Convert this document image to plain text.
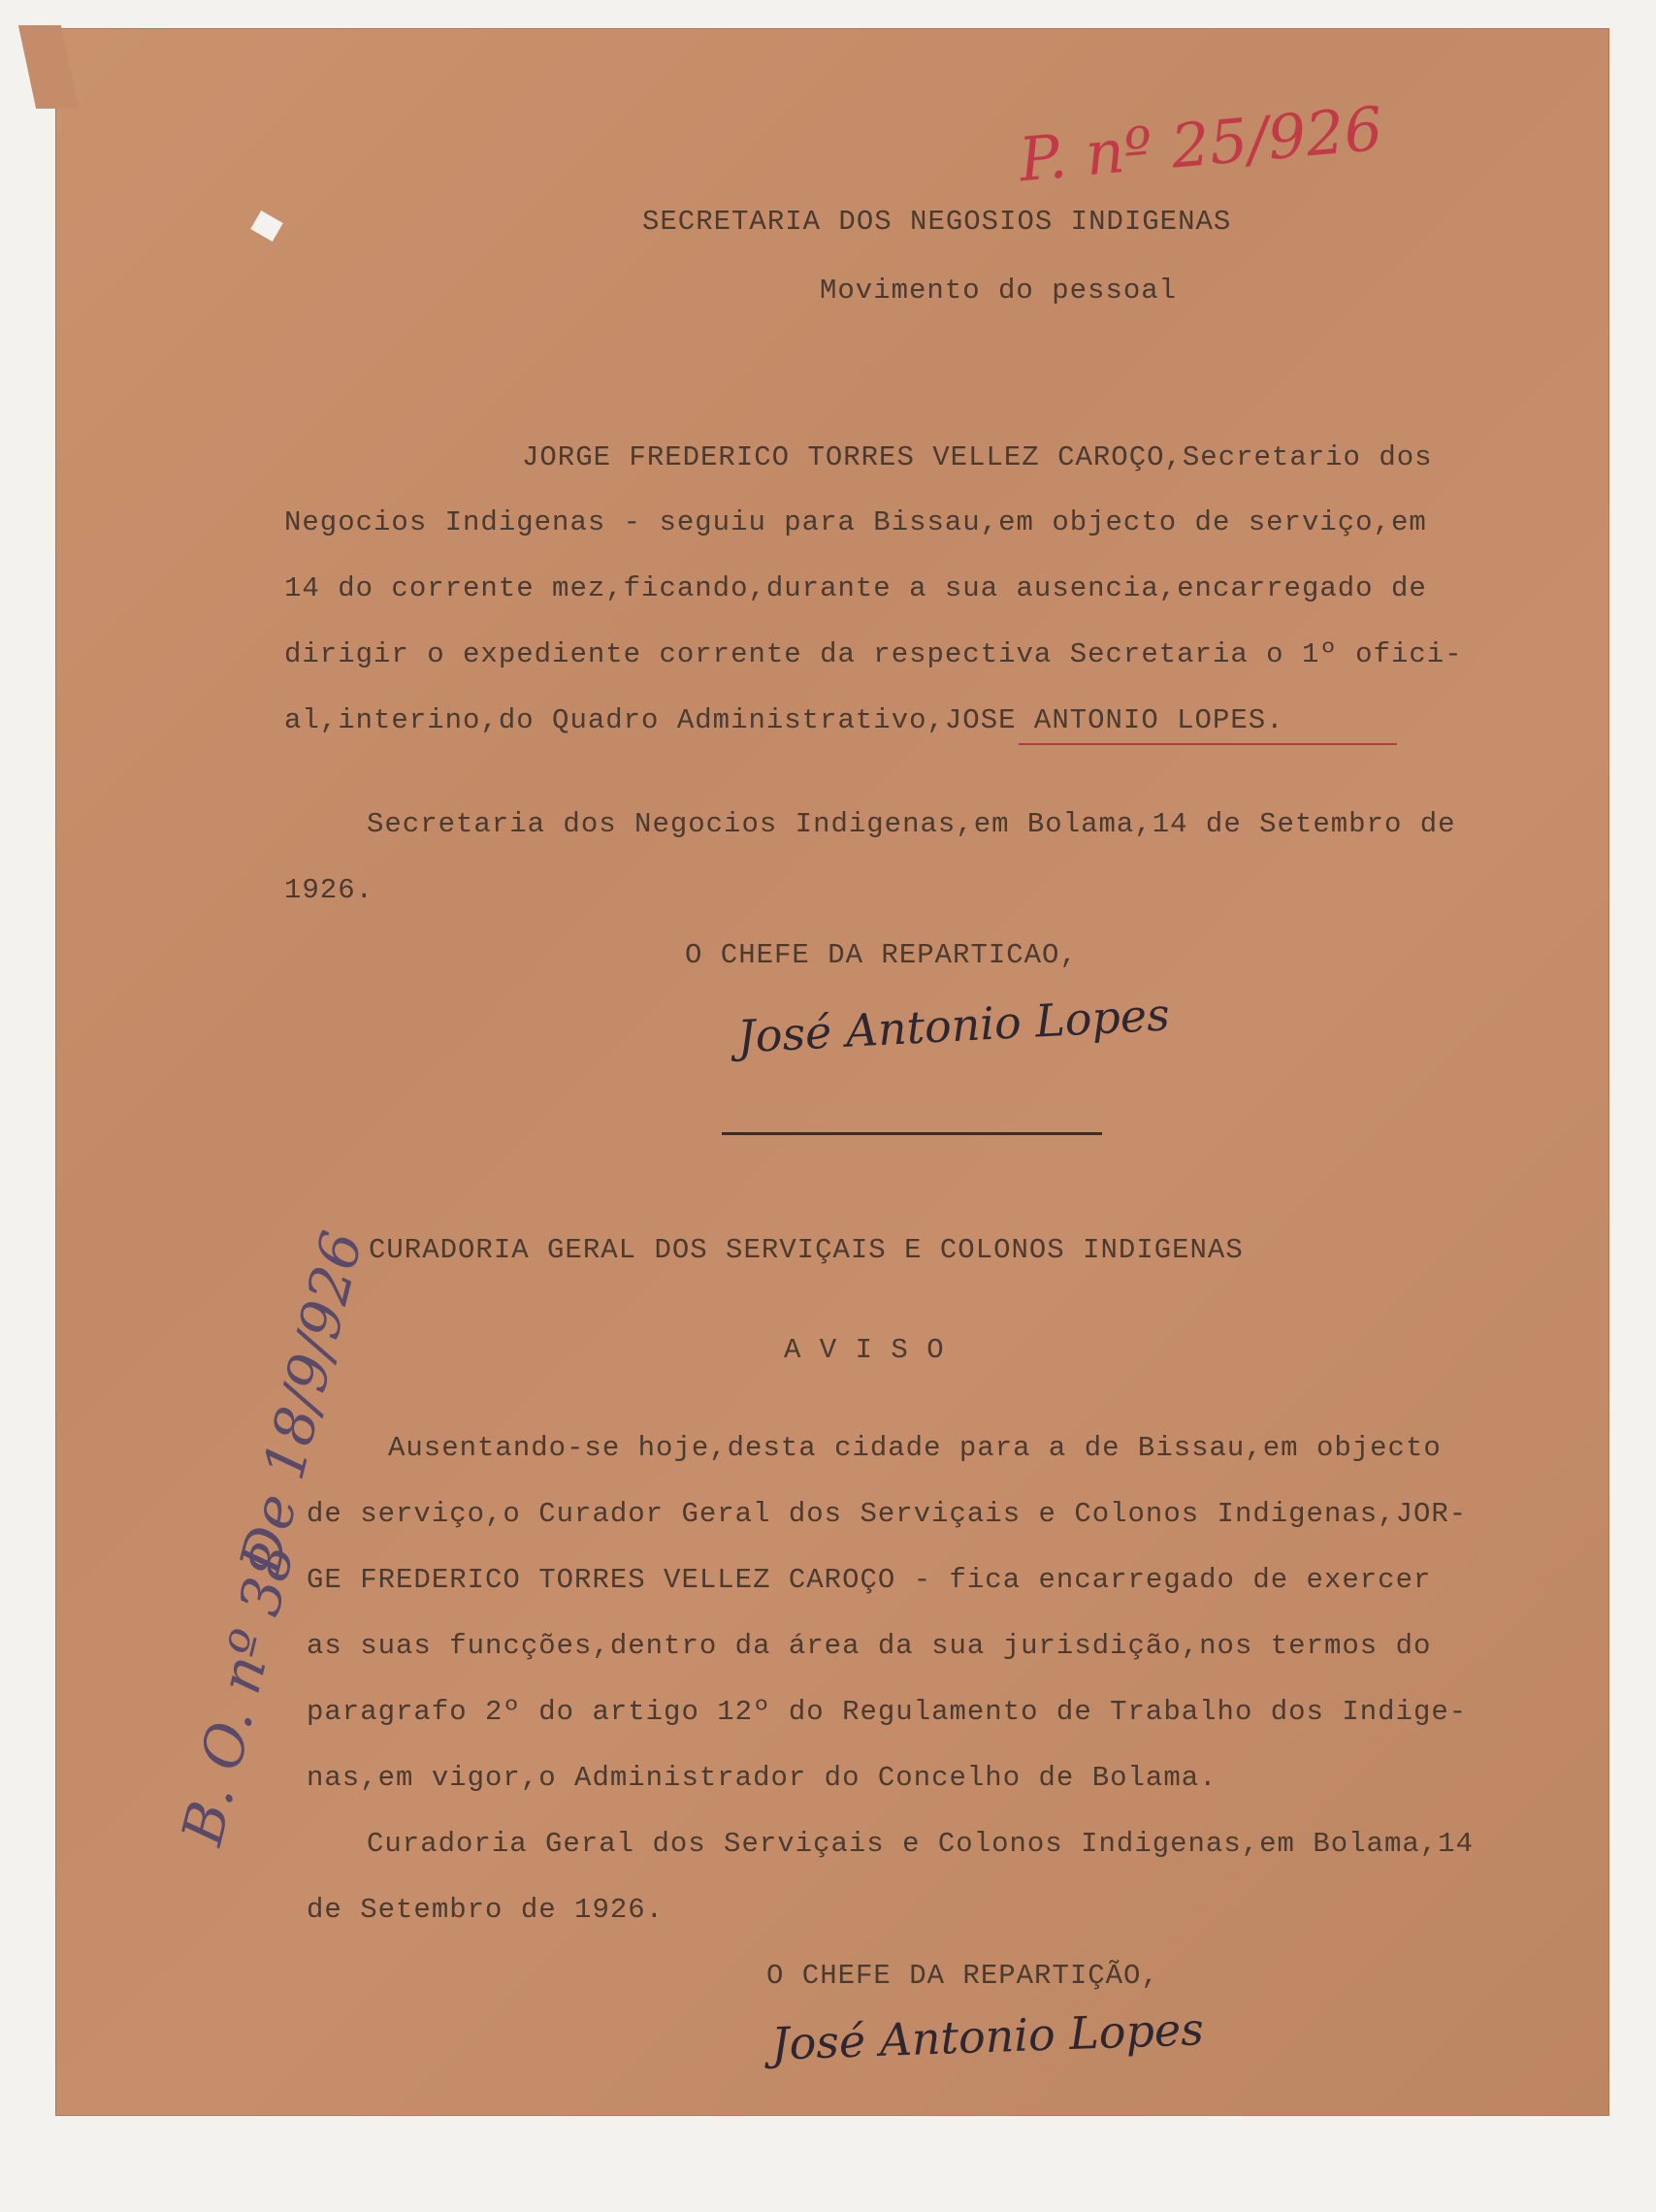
P. nº 25/926
SECRETARIA DOS NEGOSIOS INDIGENAS
Movimento do pessoal
JORGE FREDERICO TORRES VELLEZ CAROÇO,Secretario dos
Negocios Indigenas - seguiu para Bissau,em objecto de serviço,em
14 do corrente mez,ficando,durante a sua ausencia,encarregado de
dirigir o expediente corrente da respectiva Secretaria o 1º ofici-
al,interino,do Quadro Administrativo,JOSE ANTONIO LOPES.
Secretaria dos Negocios Indigenas,em Bolama,14 de Setembro de
1926.
O CHEFE DA REPARTICAO,
José Antonio Lopes
B. O. nº 38
De 18/9/926
CURADORIA GERAL DOS SERVIÇAIS E COLONOS INDIGENAS
A V I S O
Ausentando-se hoje,desta cidade para a de Bissau,em objecto
de serviço,o Curador Geral dos Serviçais e Colonos Indigenas,JOR-
GE FREDERICO TORRES VELLEZ CAROÇO - fica encarregado de exercer
as suas funcções,dentro da área da sua jurisdição,nos termos do
paragrafo 2º do artigo 12º do Regulamento de Trabalho dos Indige-
nas,em vigor,o Administrador do Concelho de Bolama.
Curadoria Geral dos Serviçais e Colonos Indigenas,em Bolama,14
de Setembro de 1926.
O CHEFE DA REPARTIÇÃO,
José Antonio Lopes
